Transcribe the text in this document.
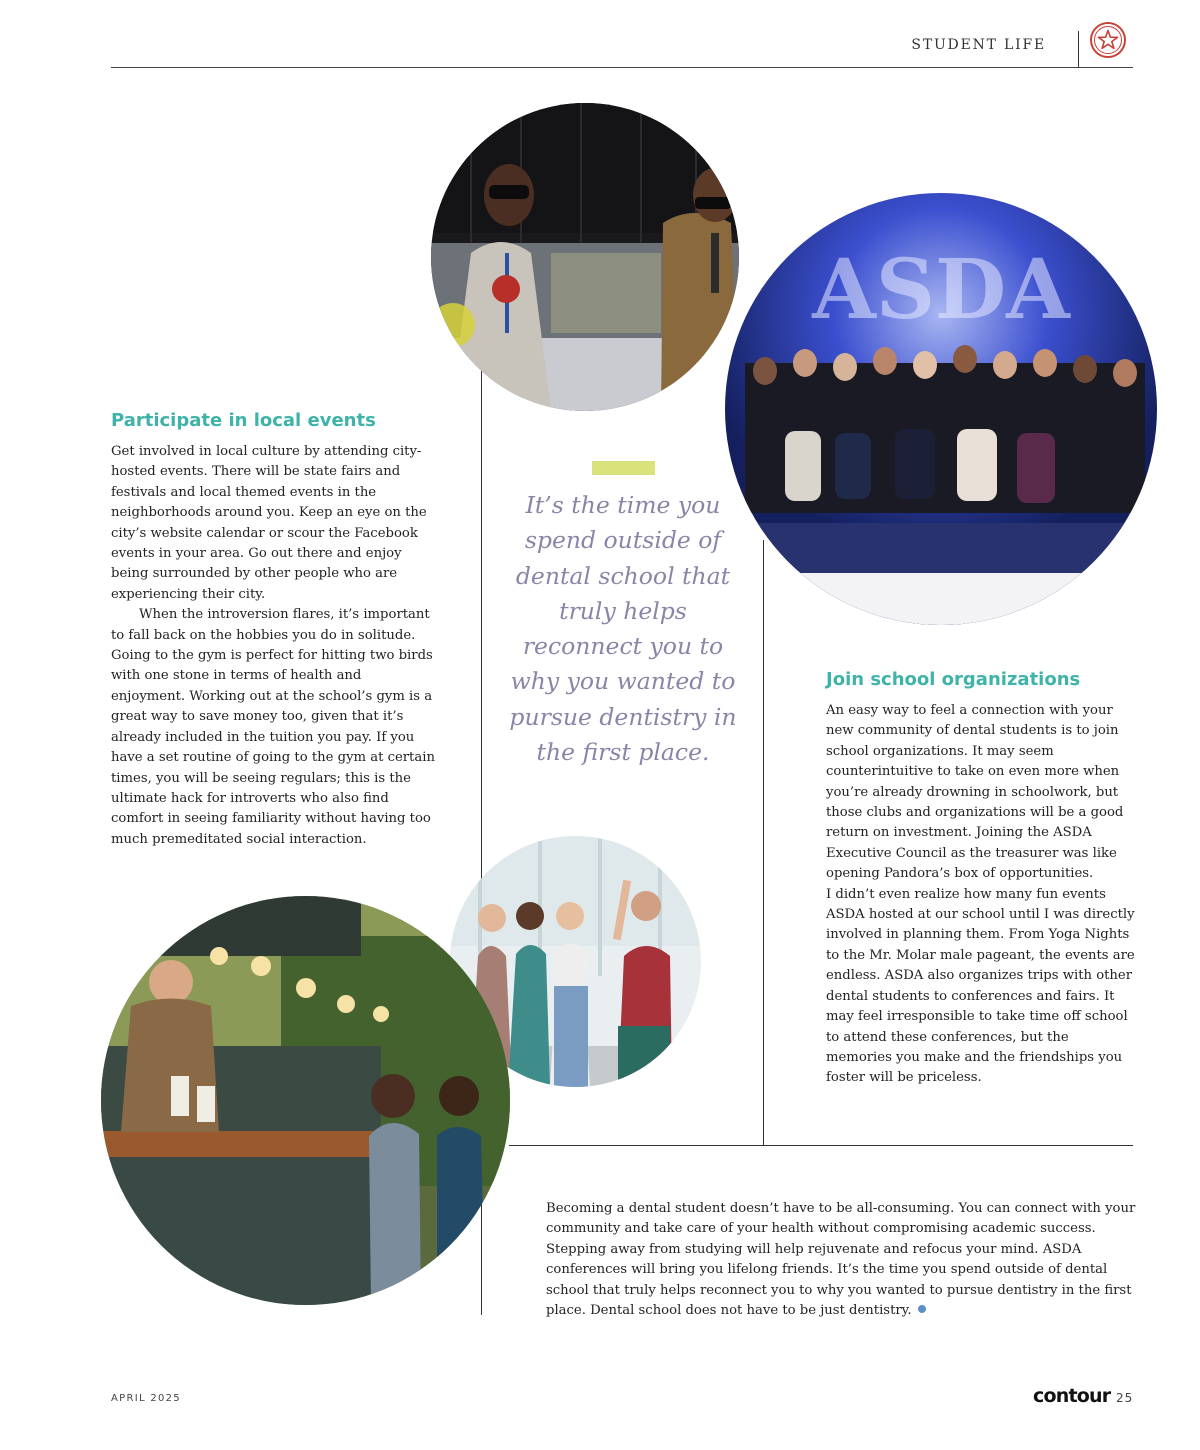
STUDENT LIFE
ASDA
Participate in local events

Get involved in local culture by attending city-hosted events. There will be state fairs and festivals and local themed events in the neighborhoods around you. Keep an eye on the city’s website calendar or scour the Facebook events in your area. Go out there and enjoy being surrounded by other people who are experiencing their city.

When the introversion flares, it’s important to fall back on the hobbies you do in solitude. Going to the gym is perfect for hitting two birds with one stone in terms of health and enjoyment. Working out at the school’s gym is a great way to save money too, given that it’s already included in the tuition you pay. If you have a set routine of going to the gym at certain times, you will be seeing regulars; this is the ultimate hack for introverts who also find comfort in seeing familiarity without having too much premeditated social interaction.

It’s the time you spend outside of dental school that truly helps reconnect you to why you wanted to pursue dentistry in the first place.

Join school organizations

An easy way to feel a connection with your new community of dental students is to join school organizations. It may seem counterintuitive to take on even more when you’re already drowning in schoolwork, but those clubs and organizations will be a good return on investment. Joining the ASDA Executive Council as the treasurer was like opening Pandora’s box of opportunities.

I didn’t even realize how many fun events ASDA hosted at our school until I was directly involved in planning them. From Yoga Nights to the Mr. Molar male pageant, the events are endless. ASDA also organizes trips with other dental students to conferences and fairs. It may feel irresponsible to take time off school to attend these conferences, but the memories you make and the friendships you foster will be priceless.

Becoming a dental student doesn’t have to be all-consuming. You can connect with your community and take care of your health without compromising academic success. Stepping away from studying will help rejuvenate and refocus your mind. ASDA conferences will bring you lifelong friends. It’s the time you spend outside of dental school that truly helps reconnect you to why you wanted to pursue dentistry in the first place. Dental school does not have to be just dentistry.

APRIL 2025	contour 25
